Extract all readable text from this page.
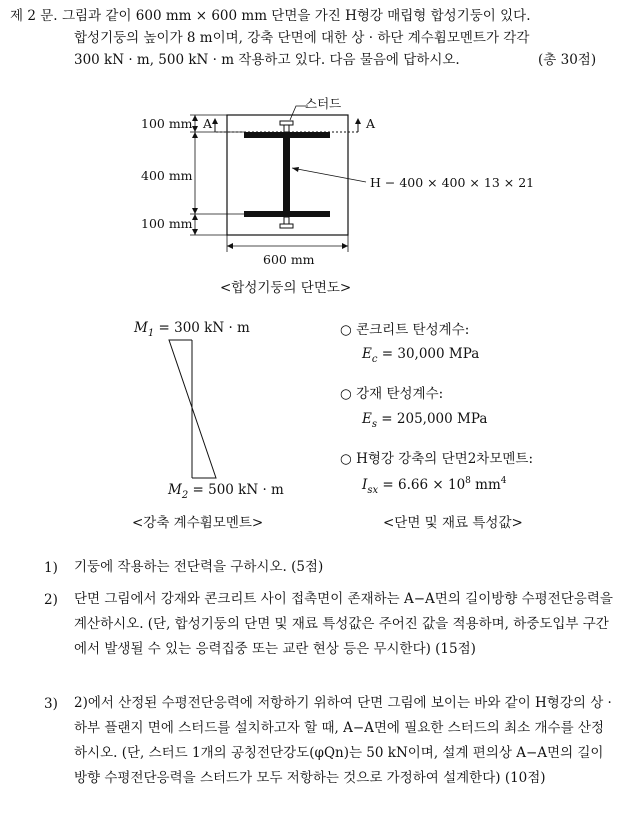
제 2 문. 그림과 같이 600 mm × 600 mm 단면을 가진 H형강 매립형 합성기둥이 있다.
합성기둥의 높이가 8 m이며, 강축 단면에 대한 상 · 하단 계수휨모멘트가 각각
300 kN · m, 500 kN · m 작용하고 있다. 다음 물음에 답하시오.	(총 30점)
스터드
100 mm A	A
400 mm
100 mm
H − 400 × 400 × 13 × 21
600 mm
<합성기둥의 단면도>
$M_1 = 300$ kN · m
$M_2 = 500$ kN · m
<강축 계수휨모멘트>
○ 콘크리트 탄성계수:
$E_c = 30,000$ MPa
○ 강재 탄성계수:
$E_s = 205,000$ MPa
○ H형강 강축의 단면2차모멘트:
$I_{sx} = 6.66 \times 10^8$ $mm^4$
<단면 및 재료 특성값>
1) 기둥에 작용하는 전단력을 구하시오. (5점)
2) 단면 그림에서 강재와 콘크리트 사이 접촉면이 존재하는 A−A면의 길이방향 수평전단응력을 계산하시오. (단, 합성기둥의 단면 및 재료 특성값은 주어진 값을 적용하며, 하중도입부 구간에서 발생될 수 있는 응력집중 또는 교란 현상 등은 무시한다) (15점)
3) 2)에서 산정된 수평전단응력에 저항하기 위하여 단면 그림에 보이는 바와 같이 H형강의 상 · 하부 플랜지 면에 스터드를 설치하고자 할 때, A−A면에 필요한 스터드의 최소 개수를 산정하시오. (단, 스터드 1개의 공칭전단강도(φQn)는 50 kN이며, 설계 편의상 A−A면의 길이방향 수평전단응력을 스터드가 모두 저항하는 것으로 가정하여 설계한다) (10점)
